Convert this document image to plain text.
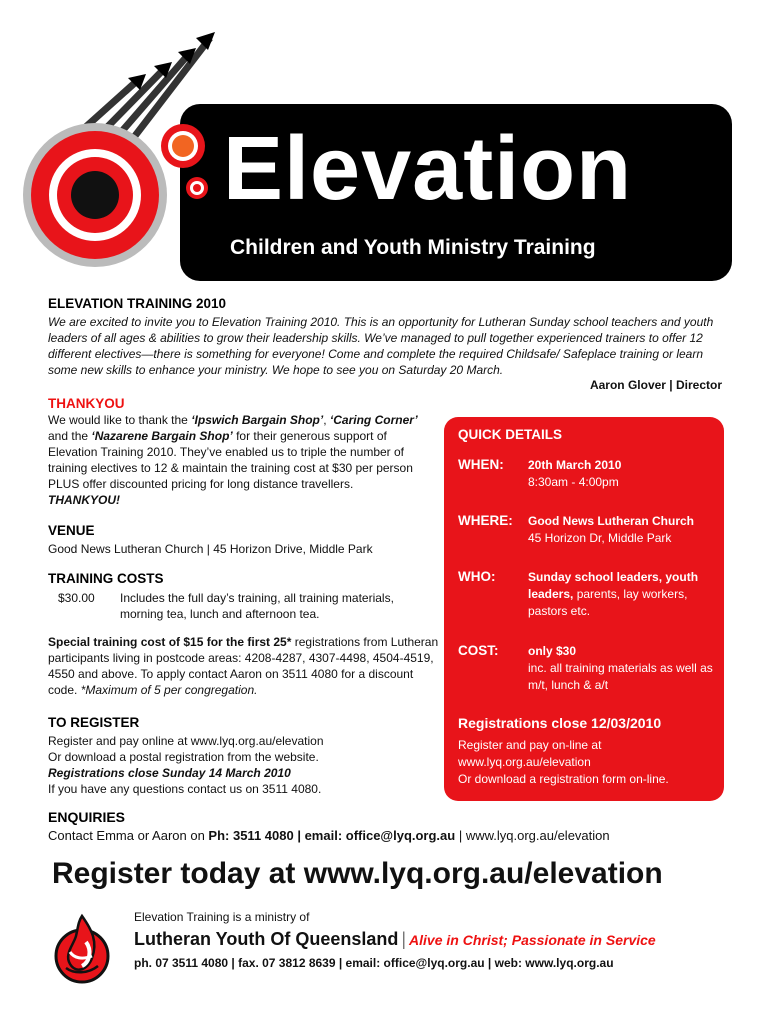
Elevation
Children and Youth Ministry Training
ELEVATION TRAINING 2010
We are excited to invite you to Elevation Training 2010. This is an opportunity for Lutheran Sunday school teachers and youth leaders of all ages & abilities to grow their leadership skills. We’ve managed to pull together experienced trainers to offer 12 different electives—there is something for everyone! Come and complete the required Childsafe/ Safeplace training or learn some new skills to enhance your ministry. We hope to see you on Saturday 20 March.
Aaron Glover | Director
THANKYOU
We would like to thank the ‘Ipswich Bargain Shop’, ‘Caring Corner’ and the ‘Nazarene Bargain Shop’ for their generous support of Elevation Training 2010. They’ve enabled us to triple the number of training electives to 12 & maintain the training cost at $30 per person PLUS offer discounted pricing for long distance travellers. THANKYOU!
VENUE
Good News Lutheran Church | 45 Horizon Drive, Middle Park
TRAINING COSTS
$30.00 Includes the full day’s training, all training materials, morning tea, lunch and afternoon tea.
Special training cost of $15 for the first 25* registrations from Lutheran participants living in postcode areas: 4208-4287, 4307-4498, 4504-4519, 4550 and above. To apply contact Aaron on 3511 4080 for a discount code. *Maximum of 5 per congregation.
TO REGISTER
Register and pay online at www.lyq.org.au/elevation
Or download a postal registration from the website.
Registrations close Sunday 14 March 2010
If you have any questions contact us on 3511 4080.
QUICK DETAILS
WHEN: 20th March 2010
8:30am - 4:00pm
WHERE: Good News Lutheran Church
45 Horizon Dr, Middle Park
WHO:	Sunday school leaders, youth leaders, parents, lay workers, pastors etc.
COST: only $30
inc. all training materials as well as m/t, lunch & a/t
Registrations close 12/03/2010
Register and pay on-line at
www.lyq.org.au/elevation
Or download a registration form on-line.
ENQUIRIES
Contact Emma or Aaron on Ph: 3511 4080 | email: office@lyq.org.au | www.lyq.org.au/elevation
Register today at www.lyq.org.au/elevation
Elevation Training is a ministry of
Lutheran Youth Of Queensland | Alive in Christ; Passionate in Service
ph. 07 3511 4080 | fax. 07 3812 8639 | email: office@lyq.org.au | web: www.lyq.org.au
